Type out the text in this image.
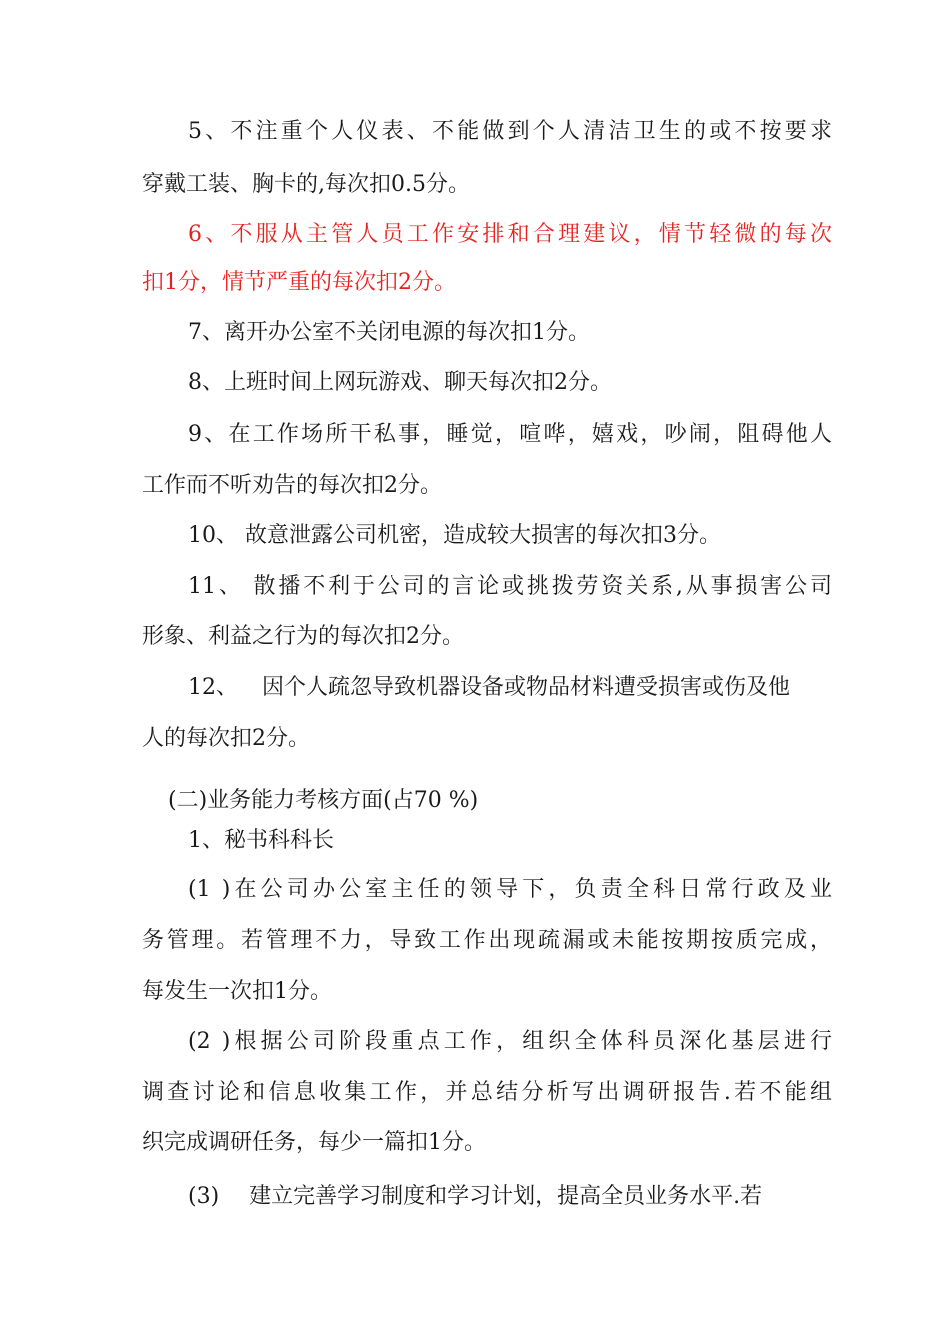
5、不注重个人仪表、不能做到个人清洁卫生的或不按要求
穿戴工装、胸卡的,每次扣0.5分。
6、不服从主管人员工作安排和合理建议，情节轻微的每次
扣1分，情节严重的每次扣2分。
7、离开办公室不关闭电源的每次扣1分。
8、上班时间上网玩游戏、聊天每次扣2分。
9、在工作场所干私事，睡觉，喧哗，嬉戏，吵闹，阻碍他人
工作而不听劝告的每次扣2分。
10、 故意泄露公司机密，造成较大损害的每次扣3分。
11、 散播不利于公司的言论或挑拨劳资关系,从事损害公司
形象、利益之行为的每次扣2分。
12、 因个人疏忽导致机器设备或物品材料遭受损害或伤及他
人的每次扣2分。
(二)业务能力考核方面(占70 %)
1、秘书科科长
(1 )在公司办公室主任的领导下，负责全科日常行政及业
务管理。若管理不力，导致工作出现疏漏或未能按期按质完成，
每发生一次扣1分。
(2 )根据公司阶段重点工作，组织全体科员深化基层进行
调查讨论和信息收集工作，并总结分析写出调研报告.若不能组
织完成调研任务，每少一篇扣1分。
(3) 建立完善学习制度和学习计划，提高全员业务水平.若
